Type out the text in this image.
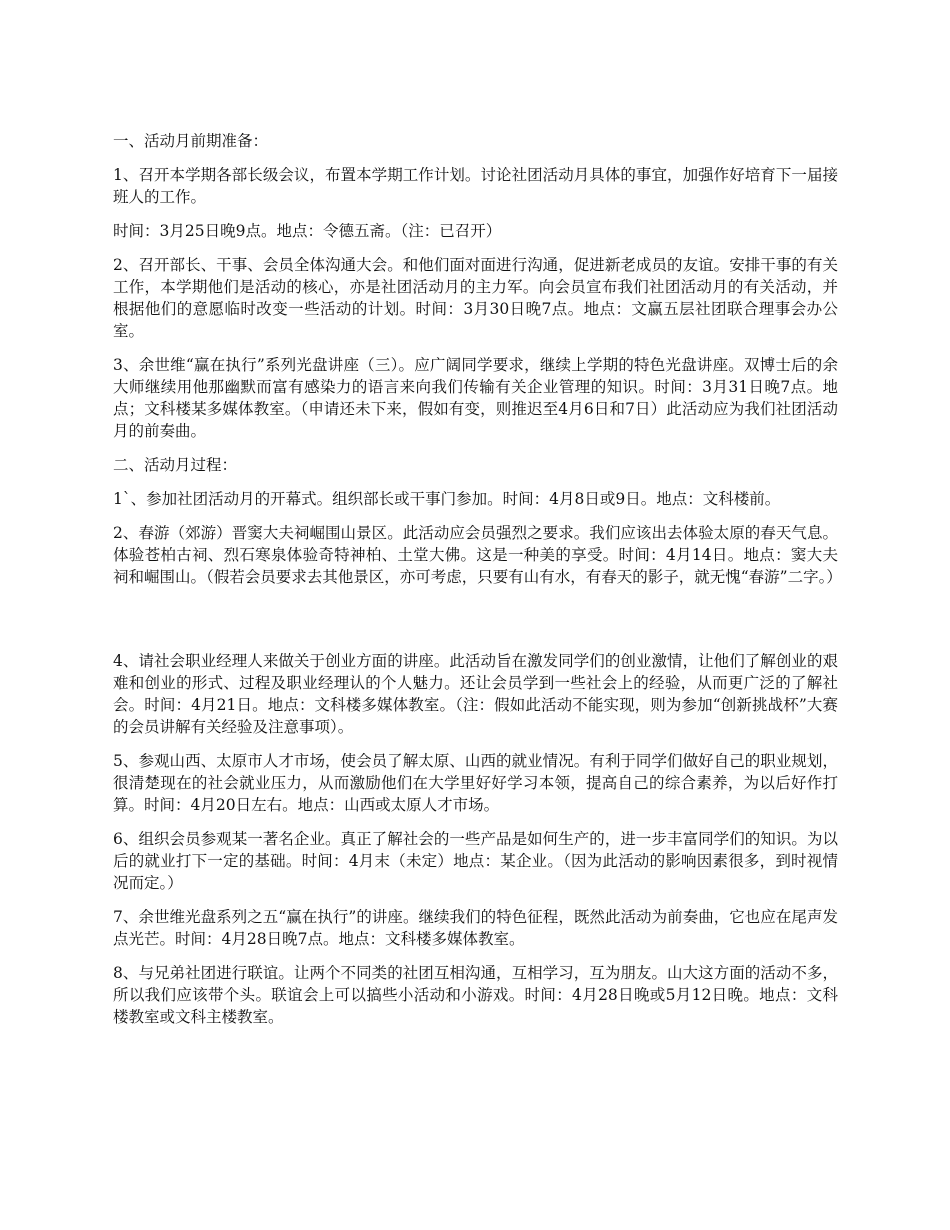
一、活动月前期准备：

1、召开本学期各部长级会议，布置本学期工作计划。讨论社团活动月具体的事宜，加强作好培育下一届接班人的工作。

时间：3月25日晚9点。地点：令德五斋。（注：已召开）

2、召开部长、干事、会员全体沟通大会。和他们面对面进行沟通，促进新老成员的友谊。安排干事的有关工作，本学期他们是活动的核心，亦是社团活动月的主力军。向会员宣布我们社团活动月的有关活动，并根据他们的意愿临时改变一些活动的计划。时间：3月30日晚7点。地点：文赢五层社团联合理事会办公室。

3、余世维“赢在执行”系列光盘讲座（三）。应广阔同学要求，继续上学期的特色光盘讲座。双博士后的余大师继续用他那幽默而富有感染力的语言来向我们传输有关企业管理的知识。时间：3月31日晚7点。地点；文科楼某多媒体教室。（申请还未下来，假如有变，则推迟至4月6日和7日）此活动应为我们社团活动月的前奏曲。

二、活动月过程：

1`、参加社团活动月的开幕式。组织部长或干事门参加。时间：4月8日或9日。地点：文科楼前。

2、春游（郊游）晋窦大夫祠崛围山景区。此活动应会员强烈之要求。我们应该出去体验太原的春天气息。体验苍柏古祠、烈石寒泉体验奇特神柏、土堂大佛。这是一种美的享受。时间：4月14日。地点：窦大夫祠和崛围山。（假若会员要求去其他景区，亦可考虑，只要有山有水，有春天的影子，就无愧“春游”二字。）

4、请社会职业经理人来做关于创业方面的讲座。此活动旨在激发同学们的创业激情，让他们了解创业的艰难和创业的形式、过程及职业经理认的个人魅力。还让会员学到一些社会上的经验，从而更广泛的了解社会。时间：4月21日。地点：文科楼多媒体教室。（注：假如此活动不能实现，则为参加“创新挑战杯”大赛的会员讲解有关经验及注意事项）。

5、参观山西、太原市人才市场，使会员了解太原、山西的就业情况。有利于同学们做好自己的职业规划，很清楚现在的社会就业压力，从而激励他们在大学里好好学习本领，提高自己的综合素养，为以后好作打算。时间：4月20日左右。地点：山西或太原人才市场。

6、组织会员参观某一著名企业。真正了解社会的一些产品是如何生产的，进一步丰富同学们的知识。为以后的就业打下一定的基础。时间：4月末（未定）地点：某企业。（因为此活动的影响因素很多，到时视情况而定。）

7、余世维光盘系列之五“赢在执行”的讲座。继续我们的特色征程，既然此活动为前奏曲，它也应在尾声发点光芒。时间：4月28日晚7点。地点：文科楼多媒体教室。

8、与兄弟社团进行联谊。让两个不同类的社团互相沟通，互相学习，互为朋友。山大这方面的活动不多，所以我们应该带个头。联谊会上可以搞些小活动和小游戏。时间：4月28日晚或5月12日晚。地点：文科楼教室或文科主楼教室。
